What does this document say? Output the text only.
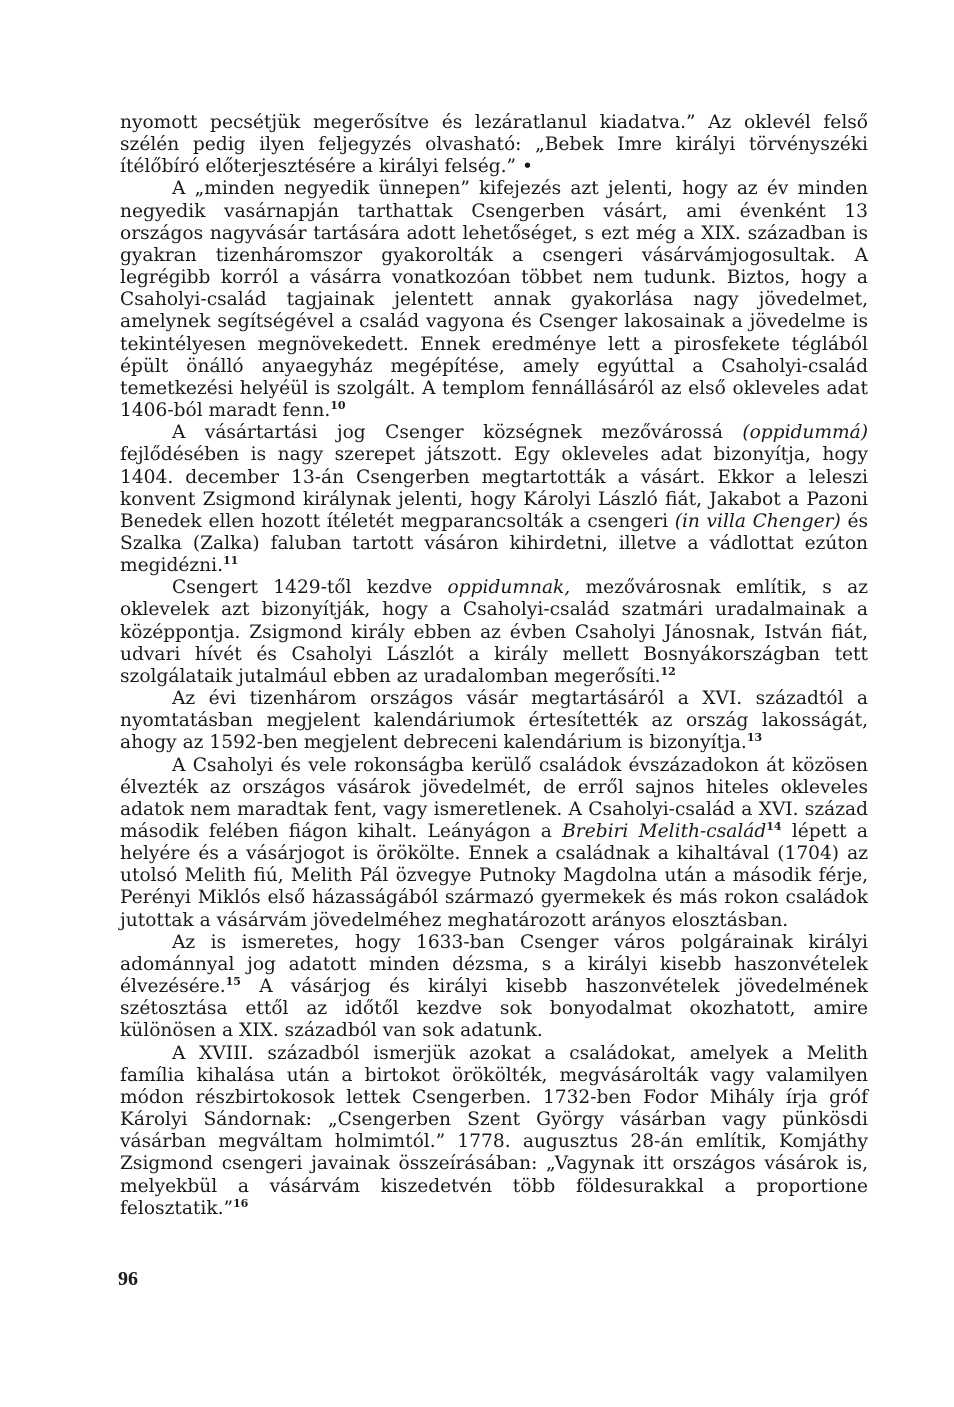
nyomott pecsétjük megerősítve és lezáratlanul kiadatva.” Az oklevél felső szélén pedig ilyen feljegyzés olvasható: „Bebek Imre királyi törvényszéki ítélőbíró előterjesztésére a királyi felség.” •

A „minden negyedik ünnepen” kifejezés azt jelenti, hogy az év minden negyedik vasárnapján tarthattak Csengerben vásárt, ami évenként 13 országos nagyvásár tartására adott lehetőséget, s ezt még a XIX. században is gyakran tizenháromszor gyakorolták a csengeri vásárvámjogosultak. A legrégibb korról a vásárra vonatkozóan többet nem tudunk. Biztos, hogy a Csaholyi-család tagjainak jelentett annak gyakorlása nagy jövedelmet, amelynek segítségével a család vagyona és Csenger lakosainak a jövedelme is tekintélyesen megnövekedett. Ennek eredménye lett a pirosfekete téglából épült önálló anyaegyház megépítése, amely egyúttal a Csaholyi-család temetkezési helyéül is szolgált. A templom fennállásáról az első okleveles adat 1406-ból maradt fenn.$^{10}$

A vásártartási jog Csenger községnek mezővárossá (oppidummá) fejlődésében is nagy szerepet játszott. Egy okleveles adat bizonyítja, hogy 1404. december 13-án Csengerben megtartották a vásárt. Ekkor a leleszi konvent Zsigmond királynak jelenti, hogy Károlyi László fiát, Jakabot a Pazoni Benedek ellen hozott ítéletét megparancsolták a csengeri (in villa Chenger) és Szalka (Zalka) faluban tartott vásáron kihirdetni, illetve a vádlottat ezúton megidézni.$^{11}$

Csengert 1429-től kezdve oppidumnak, mezővárosnak említik, s az oklevelek azt bizonyítják, hogy a Csaholyi-család szatmári uradalmainak a középpontja. Zsigmond király ebben az évben Csaholyi Jánosnak, István fiát, udvari hívét és Csaholyi Lászlót a király mellett Bosnyákországban tett szolgálataik jutalmául ebben az uradalomban megerősíti.$^{12}$

Az évi tizenhárom országos vásár megtartásáról a XVI. századtól a nyomtatásban megjelent kalendáriumok értesítették az ország lakosságát, ahogy az 1592-ben megjelent debreceni kalendárium is bizonyítja.$^{13}$

A Csaholyi és vele rokonságba kerülő családok évszázadokon át közösen élvezték az országos vásárok jövedelmét, de erről sajnos hiteles okleveles adatok nem maradtak fent, vagy ismeretlenek. A Csaholyi-család a XVI. század második felében fiágon kihalt. Leányágon a Brebiri Melith-család$^{14}$ lépett a helyére és a vásárjogot is örökölte. Ennek a családnak a kihaltával (1704) az utolsó Melith fiú, Melith Pál özvegye Putnoky Magdolna után a második férje, Perényi Miklós első házasságából származó gyermekek és más rokon családok jutottak a vásárvám jövedelméhez meghatározott arányos elosztásban.

Az is ismeretes, hogy 1633-ban Csenger város polgárainak királyi adománnyal jog adatott minden dézsma, s a királyi kisebb haszonvételek élvezésére.$^{15}$ A vásárjog és királyi kisebb haszonvételek jövedelmének szétosztása ettől az időtől kezdve sok bonyodalmat okozhatott, amire különösen a XIX. századból van sok adatunk.

A XVIII. századból ismerjük azokat a családokat, amelyek a Melith família kihalása után a birtokot örökölték, megvásárolták vagy valamilyen módon részbirtokosok lettek Csengerben. 1732-ben Fodor Mihály írja gróf Károlyi Sándornak: „Csengerben Szent György vásárban vagy pünkösdi vásárban megváltam holmimtól.” 1778. augusztus 28-án említik, Komjáthy Zsigmond csengeri javainak összeírásában: „Vagynak itt országos vásárok is, melyekbül a vásárvám kiszedetvén több földesurakkal a proportione felosztatik.”$^{16}$

96
